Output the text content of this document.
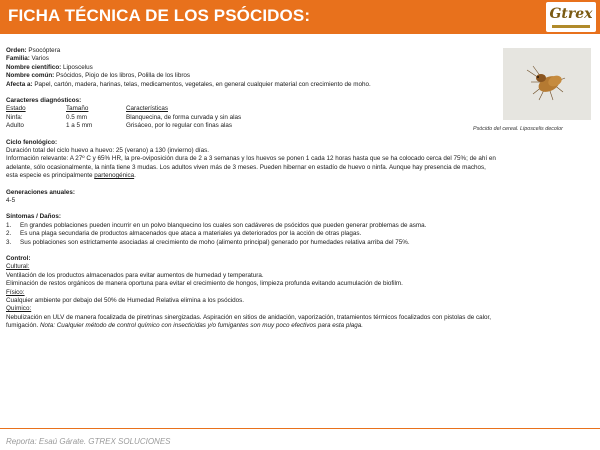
FICHA TÉCNICA DE LOS PSÓCIDOS:	Gtrex
Psócido del cereal. Liposcelis decolor
Orden: Psocóptera
Familia: Varios
Nombre científico: Liposcelus
Nombre común: Psócidos, Piojo de los libros, Polilla de los libros
Afecta a: Papel, cartón, madera, harinas, telas, medicamentos, vegetales, en general cualquier material con crecimiento de moho.
Caracteres diagnósticos:
Estado	Tamaño	Características
Ninfa:	0.5 mm	Blanquecina, de forma curvada y sin alas
Adulto	1 a 5 mm	Grisáceo, por lo regular con finas alas
Ciclo fenológico:
Duración total del ciclo huevo a huevo: 25 (verano) a 130 (invierno) días.
Información relevante: A 27º C y 65% HR, la pre-oviposición dura de 2 a 3 semanas y los huevos se ponen 1 cada 12 horas hasta que se ha colocado cerca del 75%; de ahí en
adelante, sólo ocasionalmente, la ninfa tiene 3 mudas. Los adultos viven más de 3 meses. Pueden hibernar en estadío de huevo o ninfa. Aunque hay presencia de machos,
esta especie es principalmente partenogénica.
Generaciones anuales:
4-5
Síntomas / Daños:
1. En grandes poblaciones pueden incurrir en un polvo blanquecino los cuales son cadáveres de psócidos que pueden generar problemas de asma.
2. Es una plaga secundaria de productos almacenados que ataca a materiales ya deteriorados por la acción de otras plagas.
3. Sus poblaciones son estrictamente asociadas al crecimiento de moho (alimento principal) generado por humedades relativa arriba del 75%.
Control:
Cultural:
Ventilación de los productos almacenados para evitar aumentos de humedad y temperatura.
Eliminación de restos orgánicos de manera oportuna para evitar el crecimiento de hongos, limpieza profunda evitando acumulación de biofilm.
Físico:
Cualquier ambiente por debajo del 50% de Humedad Relativa elimina a los psócidos.
Químico:
Nebulización en ULV de manera focalizada de piretrinas sinergizadas. Aspiración en sitios de anidación, vaporización, tratamientos térmicos focalizados con pistolas de calor,
fumigación. Nota: Cualquier método de control químico con insecticidas y/o fumigantes son muy poco efectivos para esta plaga.
Reporta: Esaú Gárate. GTREX SOLUCIONES
